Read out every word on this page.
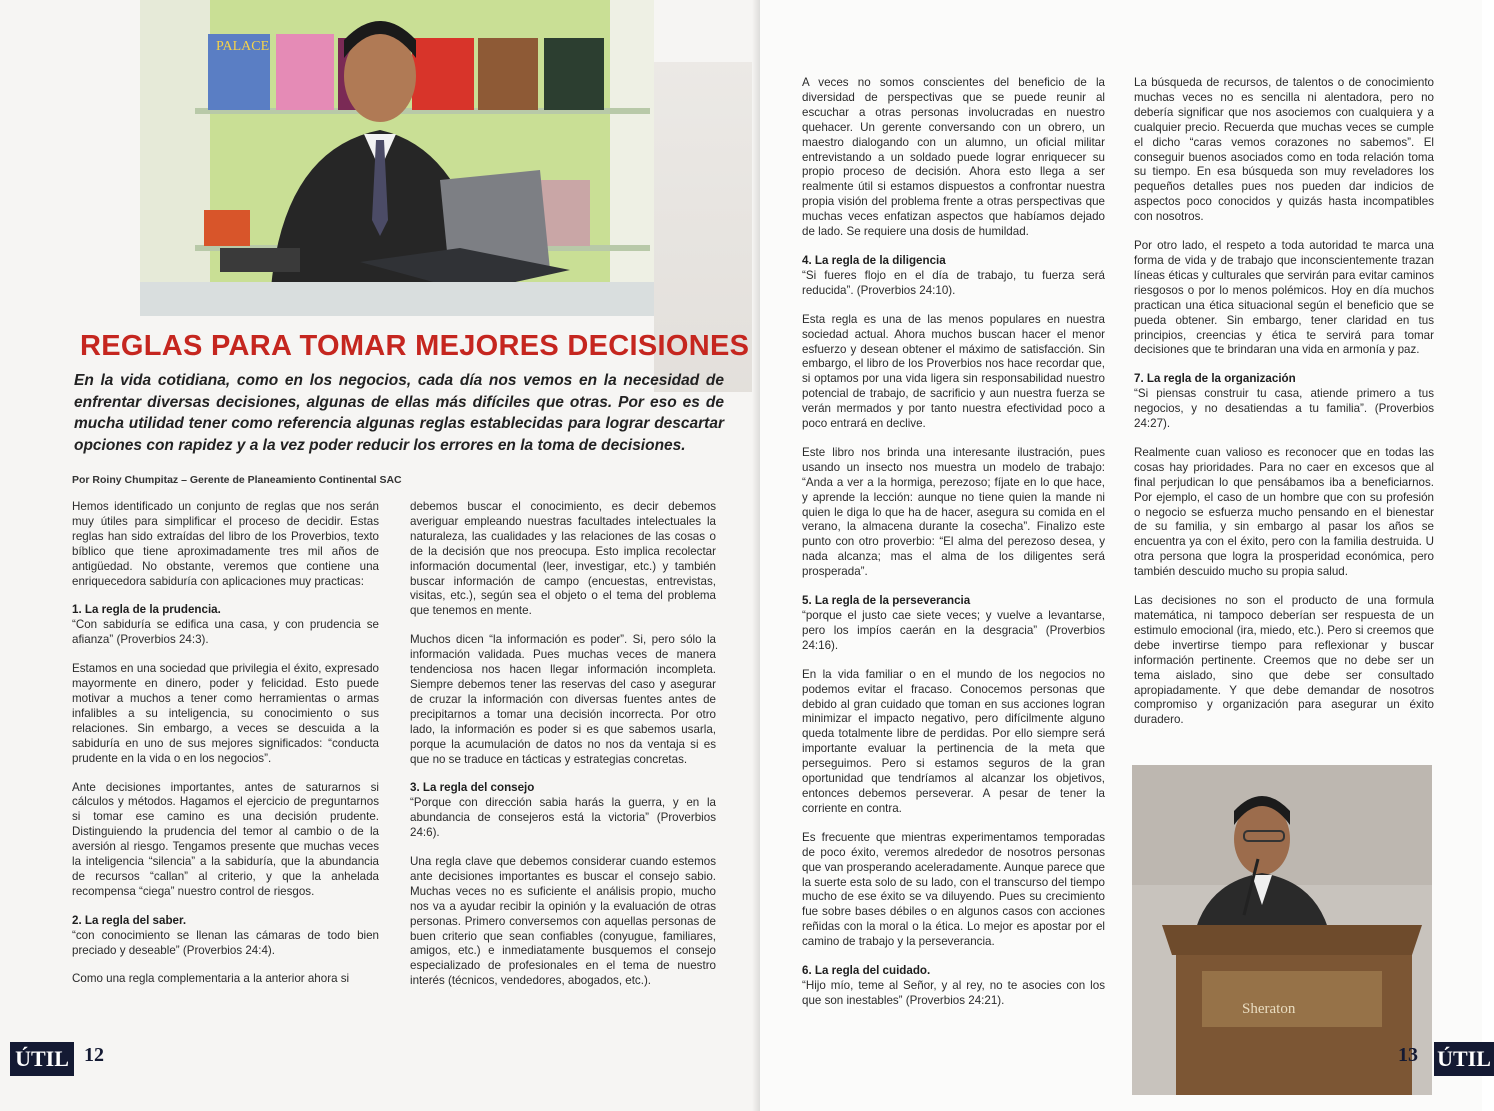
PALACE
REGLAS PARA TOMAR MEJORES DECISIONES
En la vida cotidiana, como en los negocios, cada día nos vemos en la necesidad de enfrentar diversas decisiones, algunas de ellas más difíciles que otras. Por eso es de mucha utilidad tener como referencia algunas reglas establecidas para lograr descartar opciones con rapidez y a la vez poder reducir los errores en la toma de decisiones.
Por Roiny Chumpitaz – Gerente de Planeamiento Continental SAC

Hemos identificado un conjunto de reglas que nos serán muy útiles para simplificar el proceso de decidir. Estas reglas han sido extraídas del libro de los Proverbios, texto bíblico que tiene aproximadamente tres mil años de antigüedad. No obstante, veremos que contiene una enriquecedora sabiduría con aplicaciones muy practicas:

1. La regla de la prudencia.

“Con sabiduría se edifica una casa, y con prudencia se afianza” (Proverbios 24:3).

Estamos en una sociedad que privilegia el éxito, expresado mayormente en dinero, poder y felicidad. Esto puede motivar a muchos a tener como herramientas o armas infalibles a su inteligencia, su conocimiento o sus relaciones. Sin embargo, a veces se descuida a la sabiduría en uno de sus mejores significados: “conducta prudente en la vida o en los negocios”.

Ante decisiones importantes, antes de saturarnos si cálculos y métodos. Hagamos el ejercicio de preguntarnos si tomar ese camino es una decisión prudente. Distinguiendo la prudencia del temor al cambio o de la aversión al riesgo. Tengamos presente que muchas veces la inteligencia “silencia” a la sabiduría, que la abundancia de recursos “callan” al criterio, y que la anhelada recompensa “ciega” nuestro control de riesgos.

2. La regla del saber.

“con conocimiento se llenan las cámaras de todo bien preciado y deseable” (Proverbios 24:4).

Como una regla complementaria a la anterior ahora si

debemos buscar el conocimiento, es decir debemos averiguar empleando nuestras facultades intelectuales la naturaleza, las cualidades y las relaciones de las cosas o de la decisión que nos preocupa. Esto implica recolectar información documental (leer, investigar, etc.) y también buscar información de campo (encuestas, entrevistas, visitas, etc.), según sea el objeto o el tema del problema que tenemos en mente.

Muchos dicen “la información es poder”. Si, pero sólo la información validada. Pues muchas veces de manera tendenciosa nos hacen llegar información incompleta. Siempre debemos tener las reservas del caso y asegurar de cruzar la información con diversas fuentes antes de precipitarnos a tomar una decisión incorrecta. Por otro lado, la información es poder si es que sabemos usarla, porque la acumulación de datos no nos da ventaja si es que no se traduce en tácticas y estrategias concretas.

3. La regla del consejo

“Porque con dirección sabia harás la guerra, y en la abundancia de consejeros está la victoria” (Proverbios 24:6).

Una regla clave que debemos considerar cuando estemos ante decisiones importantes es buscar el consejo sabio. Muchas veces no es suficiente el análisis propio, mucho nos va a ayudar recibir la opinión y la evaluación de otras personas. Primero conversemos con aquellas personas de buen criterio que sean confiables (conyugue, familiares, amigos, etc.) e inmediatamente busquemos el consejo especializado de profesionales en el tema de nuestro interés (técnicos, vendedores, abogados, etc.).

ÚTIL 12

A veces no somos conscientes del beneficio de la diversidad de perspectivas que se puede reunir al escuchar a otras personas involucradas en nuestro quehacer. Un gerente conversando con un obrero, un maestro dialogando con un alumno, un oficial militar entrevistando a un soldado puede lograr enriquecer su propio proceso de decisión. Ahora esto llega a ser realmente útil si estamos dispuestos a confrontar nuestra propia visión del problema frente a otras perspectivas que muchas veces enfatizan aspectos que habíamos dejado de lado. Se requiere una dosis de humildad.

4. La regla de la diligencia

“Si fueres flojo en el día de trabajo, tu fuerza será reducida”. (Proverbios 24:10).

Esta regla es una de las menos populares en nuestra sociedad actual. Ahora muchos buscan hacer el menor esfuerzo y desean obtener el máximo de satisfacción. Sin embargo, el libro de los Proverbios nos hace recordar que, si optamos por una vida ligera sin responsabilidad nuestro potencial de trabajo, de sacrificio y aun nuestra fuerza se verán mermados y por tanto nuestra efectividad poco a poco entrará en declive.

Este libro nos brinda una interesante ilustración, pues usando un insecto nos muestra un modelo de trabajo: “Anda a ver a la hormiga, perezoso; fíjate en lo que hace, y aprende la lección: aunque no tiene quien la mande ni quien le diga lo que ha de hacer, asegura su comida en el verano, la almacena durante la cosecha”. Finalizo este punto con otro proverbio: “El alma del perezoso desea, y nada alcanza; mas el alma de los diligentes será prosperada”.

5. La regla de la perseverancia

“porque el justo cae siete veces; y vuelve a levantarse, pero los impíos caerán en la desgracia” (Proverbios 24:16).

En la vida familiar o en el mundo de los negocios no podemos evitar el fracaso. Conocemos personas que debido al gran cuidado que toman en sus acciones logran minimizar el impacto negativo, pero difícilmente alguno queda totalmente libre de perdidas. Por ello siempre será importante evaluar la pertinencia de la meta que perseguimos. Pero si estamos seguros de la gran oportunidad que tendríamos al alcanzar los objetivos, entonces debemos perseverar. A pesar de tener la corriente en contra.

Es frecuente que mientras experimentamos temporadas de poco éxito, veremos alrededor de nosotros personas que van prosperando aceleradamente. Aunque parece que la suerte esta solo de su lado, con el transcurso del tiempo mucho de ese éxito se va diluyendo. Pues su crecimiento fue sobre bases débiles o en algunos casos con acciones reñidas con la moral o la ética. Lo mejor es apostar por el camino de trabajo y la perseverancia.

6. La regla del cuidado.

“Hijo mío, teme al Señor, y al rey, no te asocies con los que son inestables” (Proverbios 24:21).

La búsqueda de recursos, de talentos o de conocimiento muchas veces no es sencilla ni alentadora, pero no debería significar que nos asociemos con cualquiera y a cualquier precio. Recuerda que muchas veces se cumple el dicho “caras vemos corazones no sabemos”. El conseguir buenos asociados como en toda relación toma su tiempo. En esa búsqueda son muy reveladores los pequeños detalles pues nos pueden dar indicios de aspectos poco conocidos y quizás hasta incompatibles con nosotros.

Por otro lado, el respeto a toda autoridad te marca una forma de vida y de trabajo que inconscientemente trazan líneas éticas y culturales que servirán para evitar caminos riesgosos o por lo menos polémicos. Hoy en día muchos practican una ética situacional según el beneficio que se pueda obtener. Sin embargo, tener claridad en tus principios, creencias y ética te servirá para tomar decisiones que te brindaran una vida en armonía y paz.

7. La regla de la organización

“Si piensas construir tu casa, atiende primero a tus negocios, y no desatiendas a tu familia”. (Proverbios 24:27).

Realmente cuan valioso es reconocer que en todas las cosas hay prioridades. Para no caer en excesos que al final perjudican lo que pensábamos iba a beneficiarnos. Por ejemplo, el caso de un hombre que con su profesión o negocio se esfuerza mucho pensando en el bienestar de su familia, y sin embargo al pasar los años se encuentra ya con el éxito, pero con la familia destruida. U otra persona que logra la prosperidad económica, pero también descuido mucho su propia salud.

Las decisiones no son el producto de una formula matemática, ni tampoco deberían ser respuesta de un estimulo emocional (ira, miedo, etc.). Pero si creemos que debe invertirse tiempo para reflexionar y buscar información pertinente. Creemos que no debe ser un tema aislado, sino que debe ser consultado apropiadamente. Y que debe demandar de nosotros compromiso y organización para asegurar un éxito duradero.

Sheraton
13 ÚTIL
